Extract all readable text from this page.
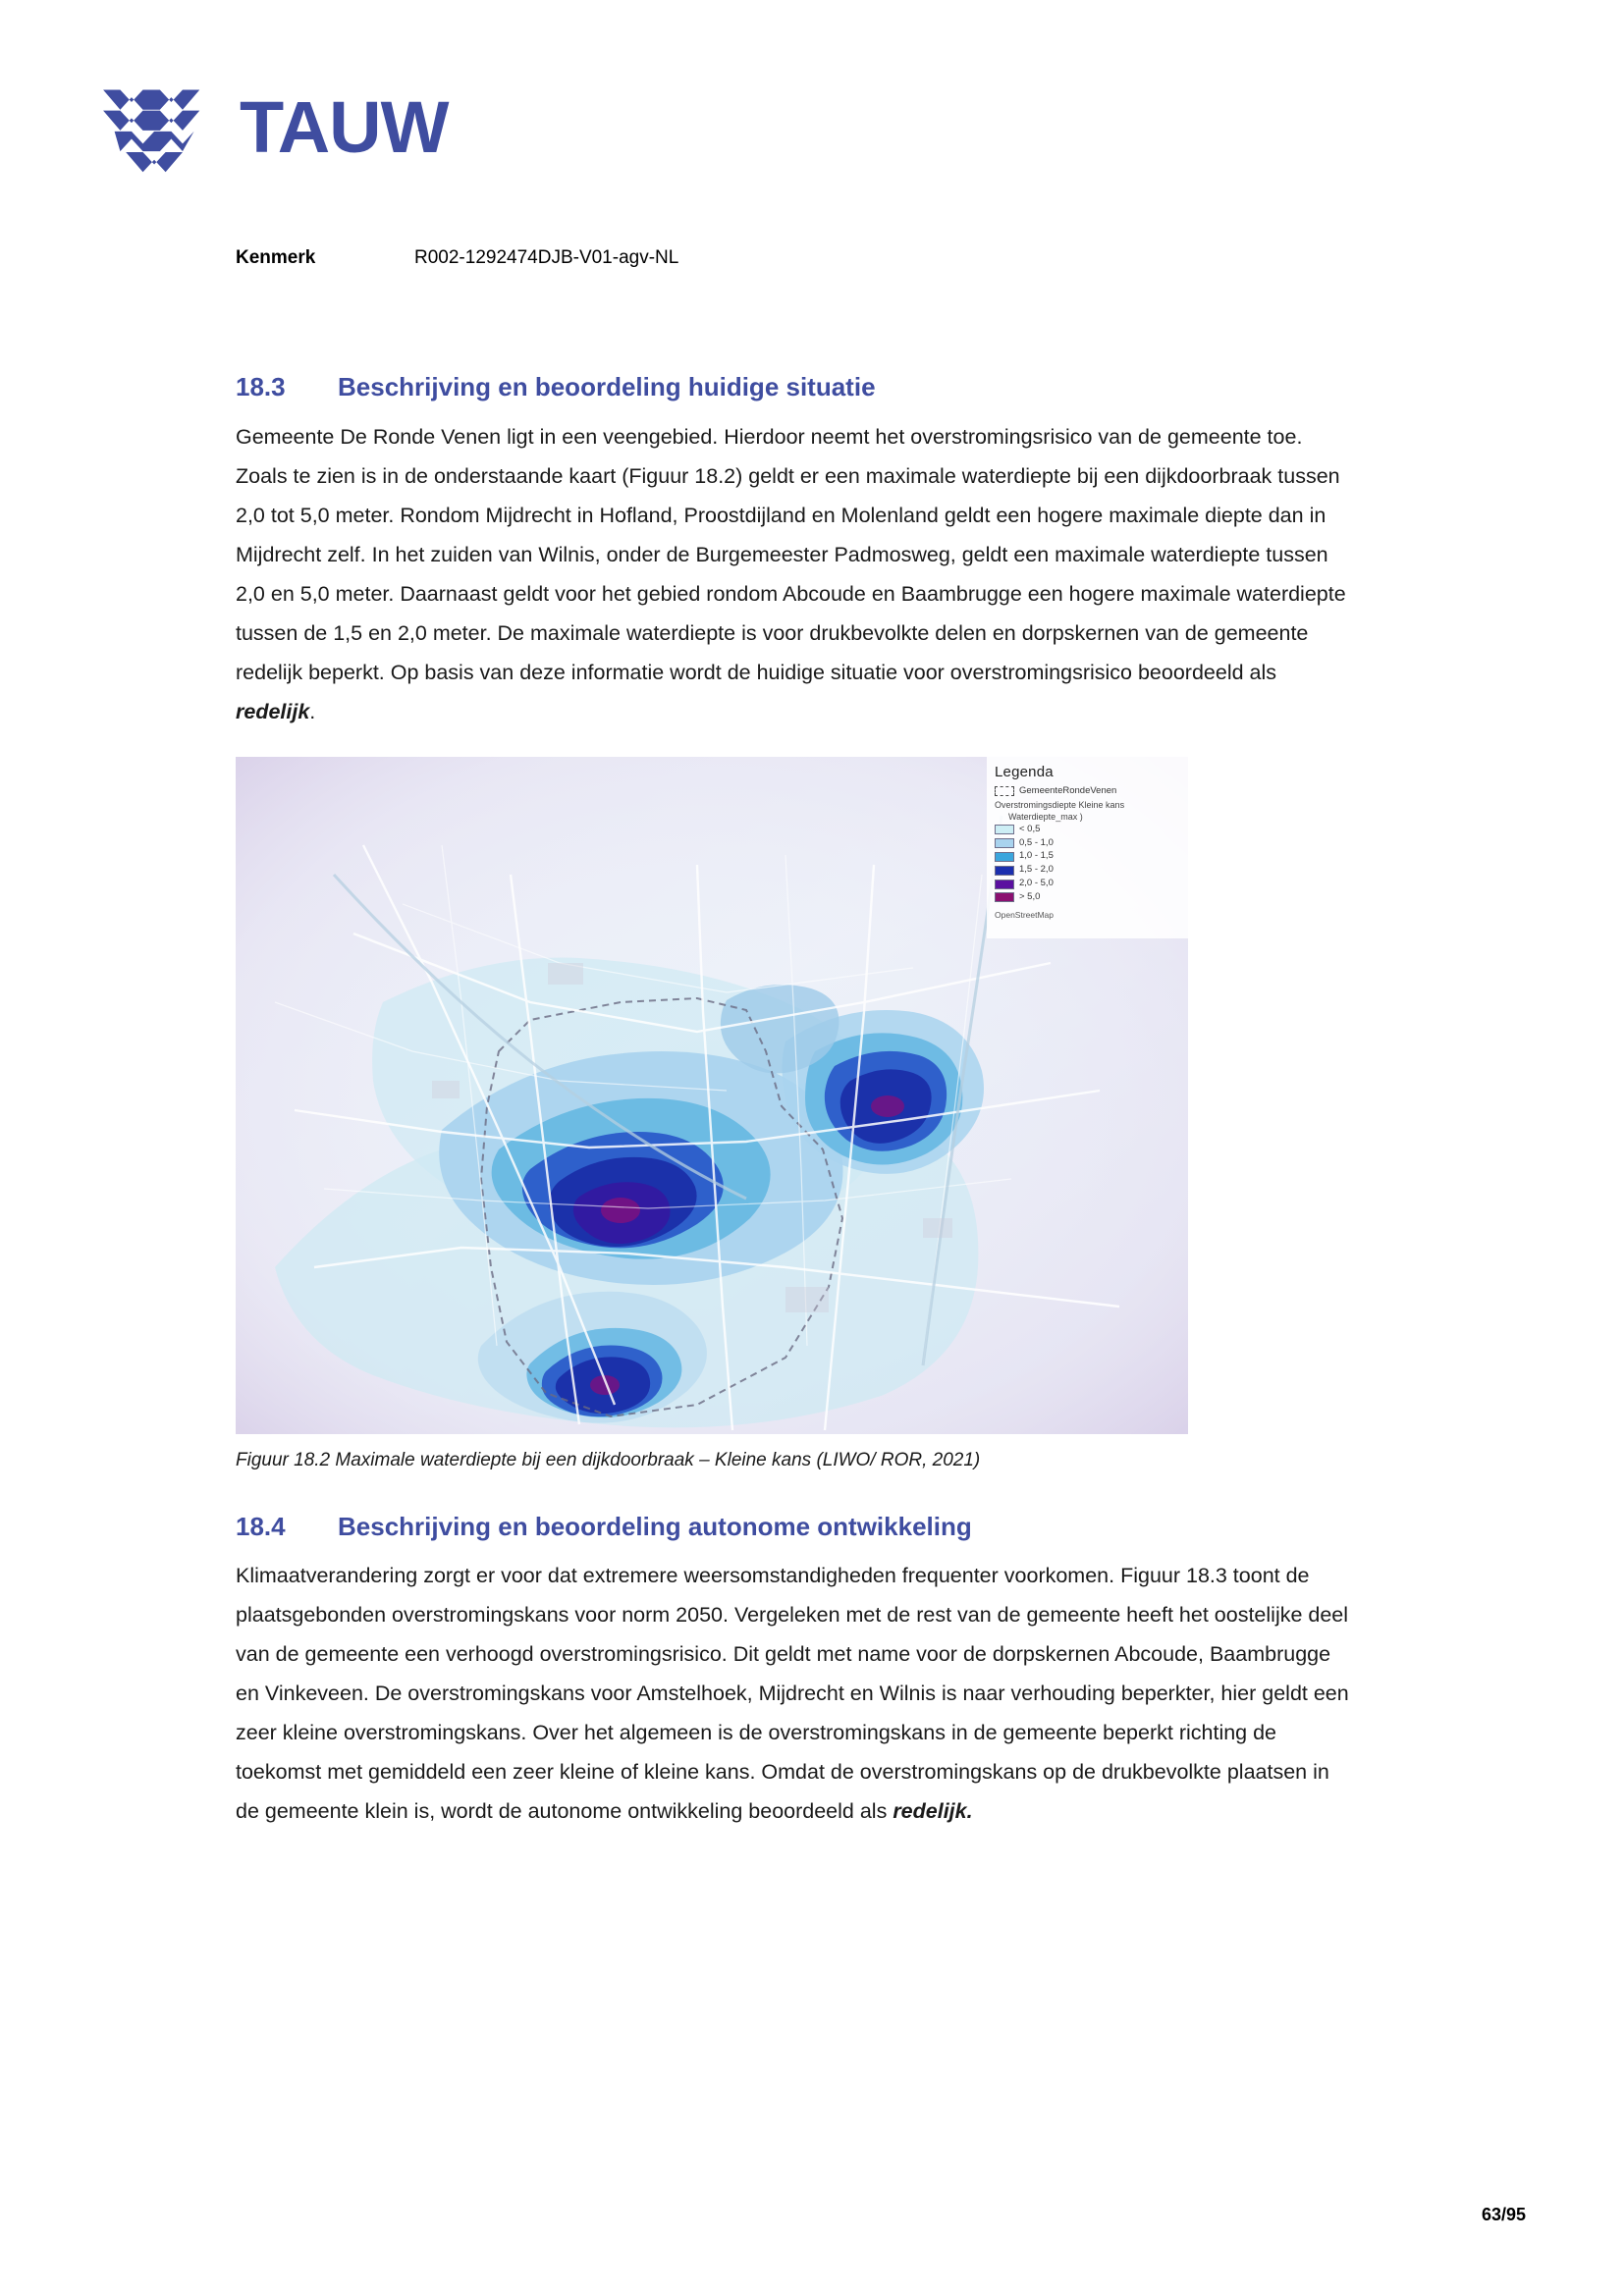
TAUW
Kenmerk	R002-1292474DJB-V01-agv-NL
18.3	Beschrijving en beoordeling huidige situatie

Gemeente De Ronde Venen ligt in een veengebied. Hierdoor neemt het overstromingsrisico van de gemeente toe. Zoals te zien is in de onderstaande kaart (Figuur 18.2) geldt er een maximale waterdiepte bij een dijkdoorbraak tussen 2,0 tot 5,0 meter. Rondom Mijdrecht in Hofland, Proostdijland en Molenland geldt een hogere maximale diepte dan in Mijdrecht zelf. In het zuiden van Wilnis, onder de Burgemeester Padmosweg, geldt een maximale waterdiepte tussen 2,0 en 5,0 meter. Daarnaast geldt voor het gebied rondom Abcoude en Baambrugge een hogere maximale waterdiepte tussen de 1,5 en 2,0 meter. De maximale waterdiepte is voor drukbevolkte delen en dorpskernen van de gemeente redelijk beperkt. Op basis van deze informatie wordt de huidige situatie voor overstromingsrisico beoordeeld als redelijk.

Legenda
GemeenteRondeVenen
Overstromingsdiepte Kleine kans
Waterdiepte_max )
< 0,5
0,5 - 1,0
1,0 - 1,5
1,5 - 2,0
2,0 - 5,0
> 5,0
OpenStreetMap
Figuur 18.2 Maximale waterdiepte bij een dijkdoorbraak – Kleine kans (LIWO/ ROR, 2021)
18.4	Beschrijving en beoordeling autonome ontwikkeling

Klimaatverandering zorgt er voor dat extremere weersomstandigheden frequenter voorkomen. Figuur 18.3 toont de plaatsgebonden overstromingskans voor norm 2050. Vergeleken met de rest van de gemeente heeft het oostelijke deel van de gemeente een verhoogd overstromingsrisico. Dit geldt met name voor de dorpskernen Abcoude, Baambrugge en Vinkeveen. De overstromingskans voor Amstelhoek, Mijdrecht en Wilnis is naar verhouding beperkter, hier geldt een zeer kleine overstromingskans. Over het algemeen is de overstromingskans in de gemeente beperkt richting de toekomst met gemiddeld een zeer kleine of kleine kans. Omdat de overstromingskans op de drukbevolkte plaatsen in de gemeente klein is, wordt de autonome ontwikkeling beoordeeld als redelijk.

63/95
